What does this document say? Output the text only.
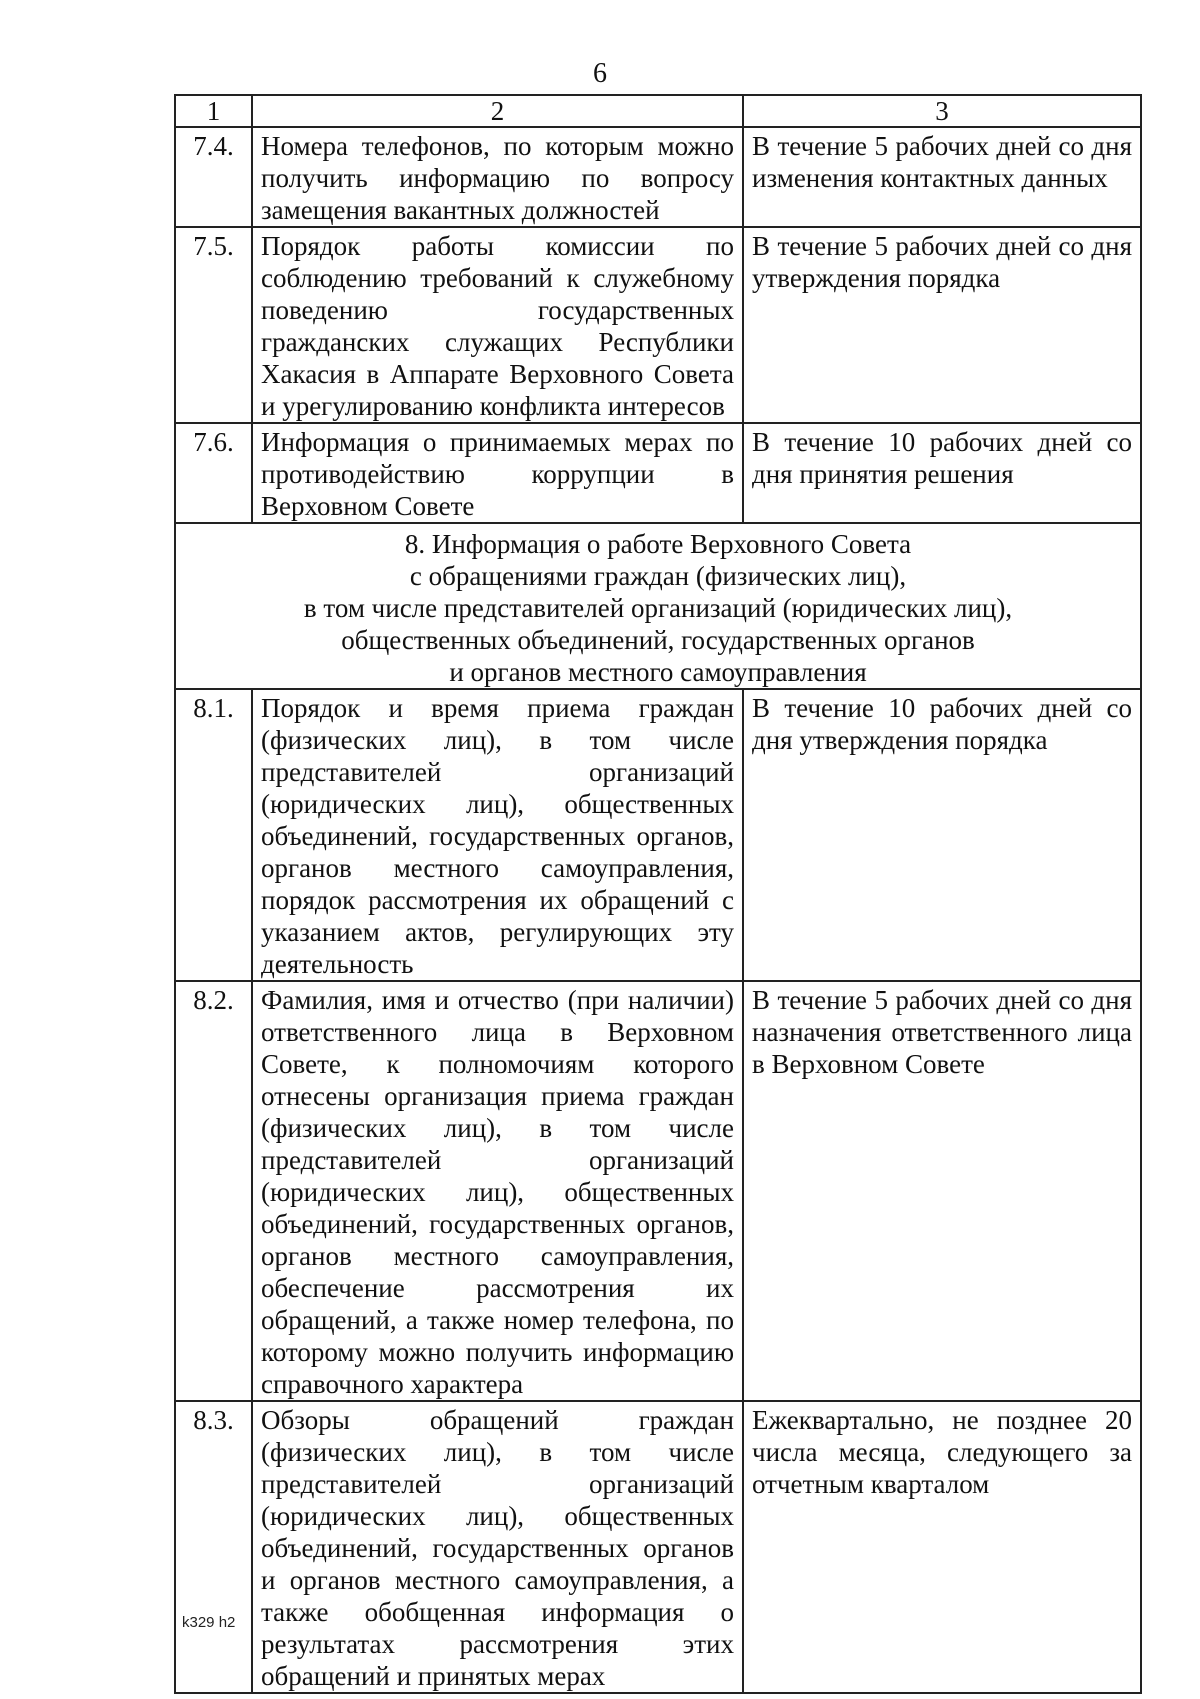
6
1	2	3
7.4.	Номера телефонов, по которым можно получить информацию по вопросу замещения вакантных должностей	В течение 5 рабочих дней со дня изменения контактных данных
7.5.	Порядок работы комиссии по соблюдению требований к служебному поведению государственных гражданских служащих Республики Хакасия в Аппарате Верховного Совета и урегулированию конфликта интересов	В течение 5 рабочих дней со дня утверждения порядка
7.6.	Информация о принимаемых мерах по противодействию коррупции в Верховном Совете	В течение 10 рабочих дней со дня принятия решения

8. Информация о работе Верховного Совета
с обращениями граждан (физических лиц),
в том числе представителей организаций (юридических лиц),
общественных объединений, государственных органов
и органов местного самоуправления		

8.1.	Порядок и время приема граждан (физических лиц), в том числе представителей организаций (юридических лиц), общественных объединений, государственных органов, органов местного самоуправления, порядок рассмотрения их обращений с указанием актов, регулирующих эту деятельность	В течение 10 рабочих дней со дня утверждения порядка
8.2.	Фамилия, имя и отчество (при наличии) ответственного лица в Верховном Совете, к полномочиям которого отнесены организация приема граждан (физических лиц), в том числе представителей организаций (юридических лиц), общественных объединений, государственных органов, органов местного самоуправления, обеспечение рассмотрения их обращений, а также номер телефона, по которому можно получить информацию справочного характера	В течение 5 рабочих дней со дня назначения ответственного лица в Верховном Совете
8.3.	Обзоры обращений граждан (физических лиц), в том числе представителей организаций (юридических лиц), общественных объединений, государственных органов и органов местного самоуправления, а также обобщенная информация о результатах рассмотрения этих обращений и принятых мерах	Ежеквартально, не позднее 20 числа месяца, следующего за отчетным кварталом
k329 h2
